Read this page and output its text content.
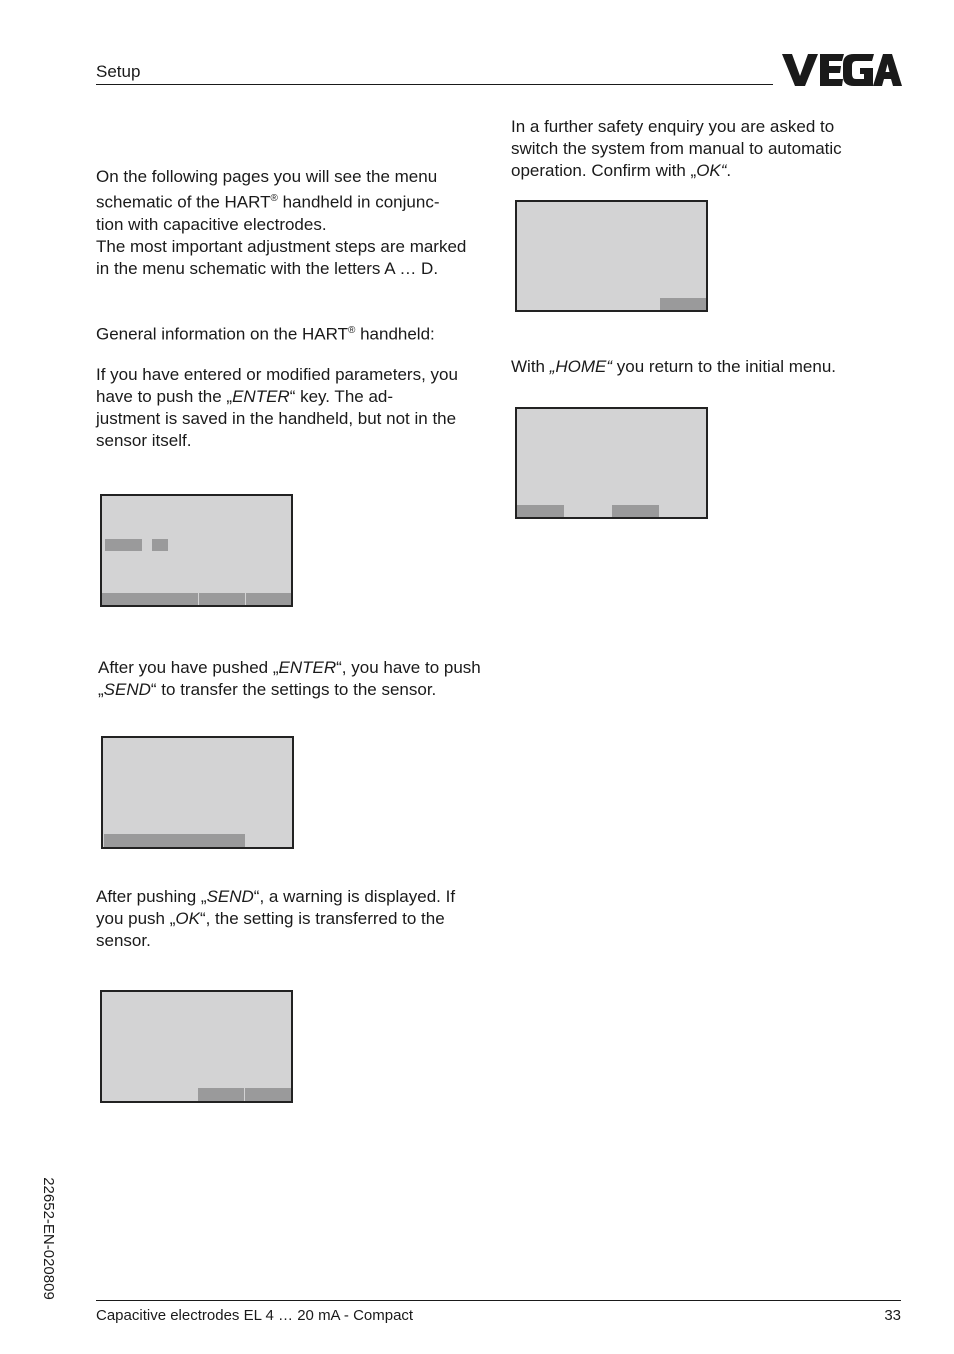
Setup

On the following pages you will see the menu schematic of the HART® handheld in conjunc-
tion with capacitive electrodes.
The most important adjustment steps are marked in the menu schematic with the letters A … D.

General information on the HART® handheld:

If you have entered or modified parameters, you have to push the „ENTER“ key. The ad-
justment is saved in the handheld, but not in the sensor itself.

After you have pushed „ENTER“, you have to push „SEND“ to transfer the settings to the sensor.

After pushing „SEND“, a warning is displayed. If you push „OK“, the setting is transferred to the sensor.

In a further safety enquiry you are asked to switch the system from manual to automatic operation. Confirm with „OK“.

With „HOME“ you return to the initial menu.

22652-EN-020809
Capacitive electrodes EL 4 … 20 mA - Compact	33
